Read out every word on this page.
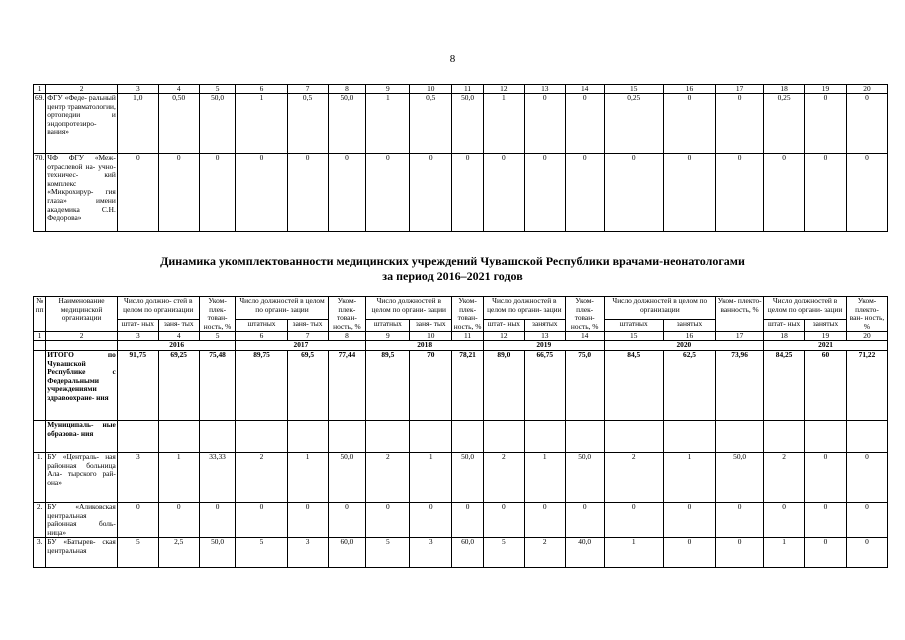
8
1	2	3	4	5	6	7	8	9	10	11	12	13	14	15	16	17	18	19	20
69.	ФГУ «Феде- ральный центр травматологии, ортопедии и эндопротезиро- вания»	1,0	0,50	50,0	1	0,5	50,0	1	0,5	50,0	1	0	0	0,25	0	0	0,25	0	0
70.	ЧФ ФГУ «Меж- отраслевой на- учно-техничес- кий комплекс «Микрохирур- гия глаза» имени академика С.Н. Федорова»	0	0	0	0	0	0	0	0	0	0	0	0	0	0	0	0	0	0
Динамика укомплектованности медицинских учреждений Чувашской Республики врачами-неонатологами
за период 2016–2021 годов
№ пп	Наименование медицинской организации	Число должно- стей в целом по организации		Уком- плек- тован- ность, %	Число должностей в целом по органи- зации		Уком- плек- тован- ность, %	Число должностей в целом по органи- зации		Уком- плек- тован- ность, %	Число должностей в целом по органи- зации		Уком- плек- тован- ность, %	Число должностей в целом по организации		Уком- плекто- ванность, %	Число должностей в целом по органи- зации		Уком- плекто- ван- ность, %
		штат- ных	заня- тых		штатных	заня- тых		штатных	заня- тых		штат- ных	занятых		штатных	занятых		штат- ных	занятых	
1	2	3	4	5	6	7	8	9	10	11	12	13	14	15	16	17	18	19	20
		2016			2017			2018			2019			2020			2021		
	ИТОГО по Чувашской Республике с Федеральными учреждениями здравоохране- ния	91,75	69,25	75,48	89,75	69,5	77,44	89,5	70	78,21	89,0	66,75	75,0	84,5	62,5	73,96	84,25	60	71,22
	Муниципаль- ные образова- ния																		
1.	БУ «Централь- ная районная больница Ала- тырского рай- она»	3	1	33,33	2	1	50,0	2	1	50,0	2	1	50,0	2	1	50,0	2	0	0
2.	БУ «Аликовская центральная районная боль- ница»	0	0	0	0	0	0	0	0	0	0	0	0	0	0	0	0	0	0
3.	БУ «Батырев- ская центральная	5	2,5	50,0	5	3	60,0	5	3	60,0	5	2	40,0	1	0	0	1	0	0
